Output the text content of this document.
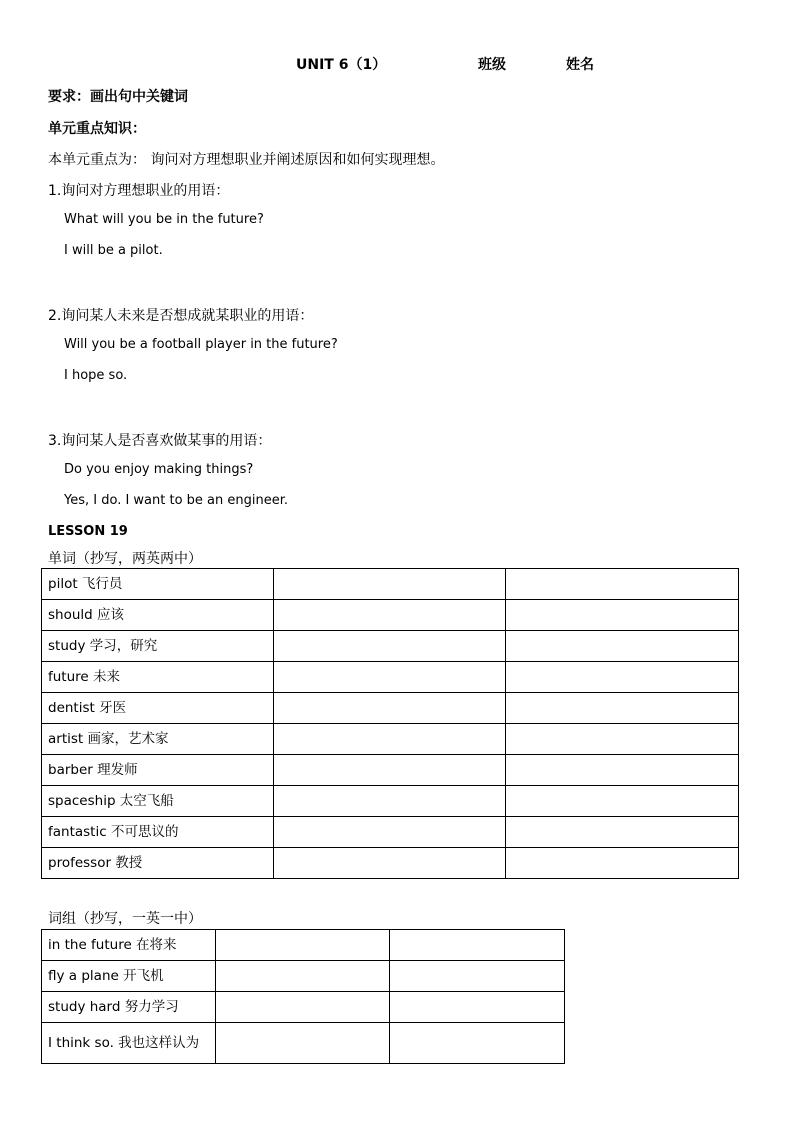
UNIT 6（1）	班级	姓名
要求：画出句中关键词
单元重点知识：
本单元重点为： 询问对方理想职业并阐述原因和如何实现理想。
1.询问对方理想职业的用语：
What will you be in the future?
I will be a pilot.
2.询问某人未来是否想成就某职业的用语：
Will you be a football player in the future?
I hope so.
3.询问某人是否喜欢做某事的用语：
Do you enjoy making things?
Yes, I do. I want to be an engineer.
LESSON 19
单词（抄写，两英两中）
pilot 飞行员		
should 应该		
study 学习，研究		
future 未来		
dentist 牙医		
artist 画家，艺术家		
barber 理发师		
spaceship 太空飞船		
fantastic 不可思议的		
professor 教授		
词组（抄写，一英一中）
in the future 在将来		
fly a plane 开飞机		
study hard 努力学习		
I think so. 我也这样认为		
